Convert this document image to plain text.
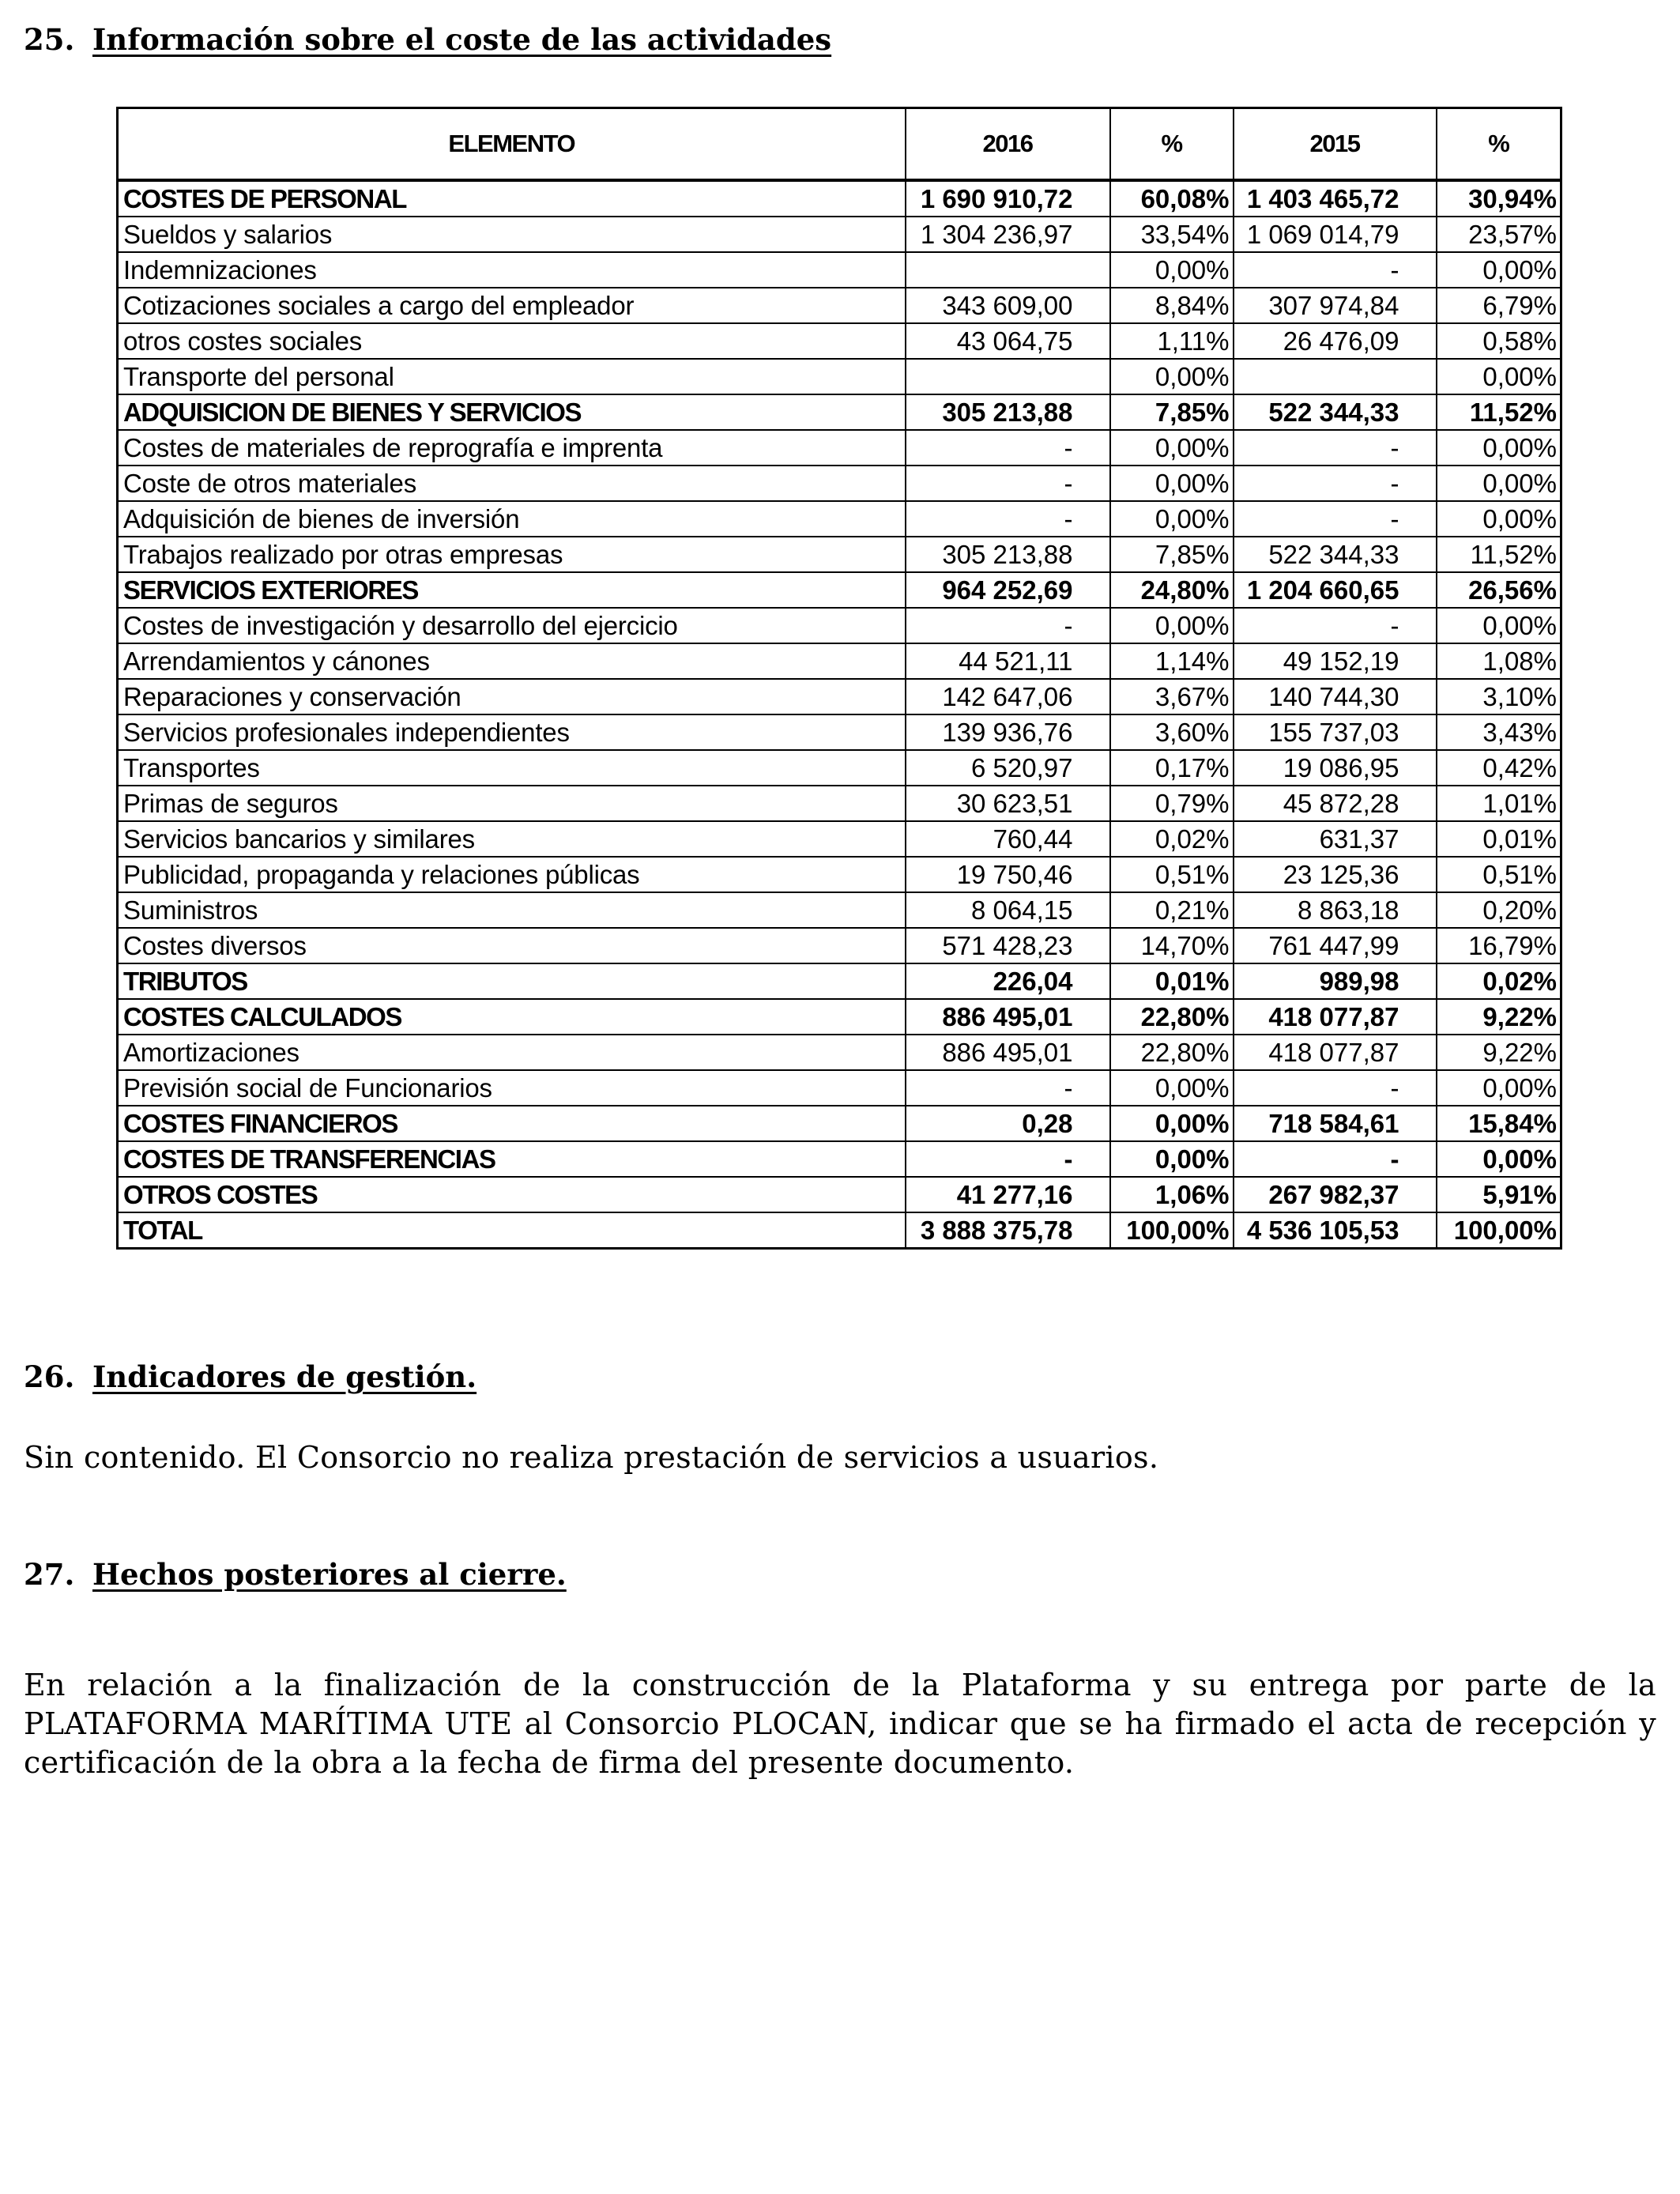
25. Información sobre el coste de las actividades
ELEMENTO	2016	%	2015	%
COSTES DE PERSONAL	1 690 910,72	60,08%	1 403 465,72	30,94%
Sueldos y salarios	1 304 236,97	33,54%	1 069 014,79	23,57%
Indemnizaciones		0,00%	-	0,00%
Cotizaciones sociales a cargo del empleador	343 609,00	8,84%	307 974,84	6,79%
otros costes sociales	43 064,75	1,11%	26 476,09	0,58%
Transporte del personal		0,00%		0,00%
ADQUISICION DE BIENES Y SERVICIOS	305 213,88	7,85%	522 344,33	11,52%
Costes de materiales de reprografía e imprenta	-	0,00%	-	0,00%
Coste de otros materiales	-	0,00%	-	0,00%
Adquisición de bienes de inversión	-	0,00%	-	0,00%
Trabajos realizado por otras empresas	305 213,88	7,85%	522 344,33	11,52%
SERVICIOS EXTERIORES	964 252,69	24,80%	1 204 660,65	26,56%
Costes de investigación y desarrollo del ejercicio	-	0,00%	-	0,00%
Arrendamientos y cánones	44 521,11	1,14%	49 152,19	1,08%
Reparaciones y conservación	142 647,06	3,67%	140 744,30	3,10%
Servicios profesionales independientes	139 936,76	3,60%	155 737,03	3,43%
Transportes	6 520,97	0,17%	19 086,95	0,42%
Primas de seguros	30 623,51	0,79%	45 872,28	1,01%
Servicios bancarios y similares	760,44	0,02%	631,37	0,01%
Publicidad, propaganda y relaciones públicas	19 750,46	0,51%	23 125,36	0,51%
Suministros	8 064,15	0,21%	8 863,18	0,20%
Costes diversos	571 428,23	14,70%	761 447,99	16,79%
TRIBUTOS	226,04	0,01%	989,98	0,02%
COSTES CALCULADOS	886 495,01	22,80%	418 077,87	9,22%
Amortizaciones	886 495,01	22,80%	418 077,87	9,22%
Previsión social de Funcionarios	-	0,00%	-	0,00%
COSTES FINANCIEROS	0,28	0,00%	718 584,61	15,84%
COSTES DE TRANSFERENCIAS	-	0,00%	-	0,00%
OTROS COSTES	41 277,16	1,06%	267 982,37	5,91%
TOTAL	3 888 375,78	100,00%	4 536 105,53	100,00%
26. Indicadores de gestión.
Sin contenido. El Consorcio no realiza prestación de servicios a usuarios.
27. Hechos posteriores al cierre.
En relación a la finalización de la construcción de la Plataforma y su entrega por parte de la PLATAFORMA MARÍTIMA UTE al Consorcio PLOCAN, indicar que se ha firmado el acta de recepción y certificación de la obra a la fecha de firma del presente documento.
